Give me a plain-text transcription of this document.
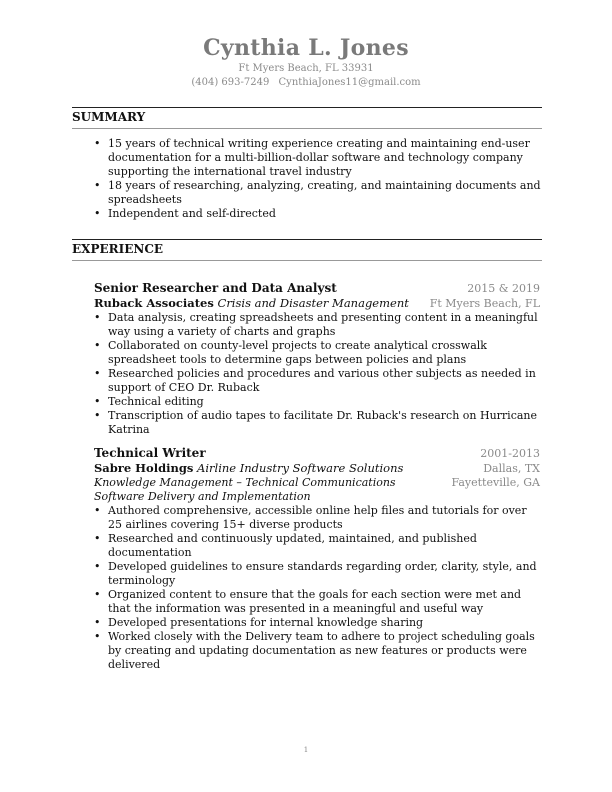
Cynthia L. Jones
Ft Myers Beach, FL 33931
(404) 693-7249 CynthiaJones11@gmail.com
SUMMARY
• 15 years of technical writing experience creating and maintaining end-user documentation for a multi-billion-dollar software and technology company supporting the international travel industry
• 18 years of researching, analyzing, creating, and maintaining documents and spreadsheets
• Independent and self-directed
EXPERIENCE
Senior Researcher and Data Analyst	2015 & 2019
Ruback Associates Crisis and Disaster Management Ft Myers Beach, FL
• Data analysis, creating spreadsheets and presenting content in a meaningful way using a variety of charts and graphs
• Collaborated on county-level projects to create analytical crosswalk spreadsheet tools to determine gaps between policies and plans
• Researched policies and procedures and various other subjects as needed in support of CEO Dr. Ruback
• Technical editing
• Transcription of audio tapes to facilitate Dr. Ruback's research on Hurricane Katrina
Technical Writer	2001-2013
Sabre Holdings Airline Industry Software Solutions	Dallas, TX
Knowledge Management – Technical Communications	Fayetteville, GA
Software Delivery and Implementation
• Authored comprehensive, accessible online help files and tutorials for over 25 airlines covering 15+ diverse products
• Researched and continuously updated, maintained, and published documentation
• Developed guidelines to ensure standards regarding order, clarity, style, and terminology
• Organized content to ensure that the goals for each section were met and that the information was presented in a meaningful and useful way
• Developed presentations for internal knowledge sharing
• Worked closely with the Delivery team to adhere to project scheduling goals by creating and updating documentation as new features or products were delivered
1
